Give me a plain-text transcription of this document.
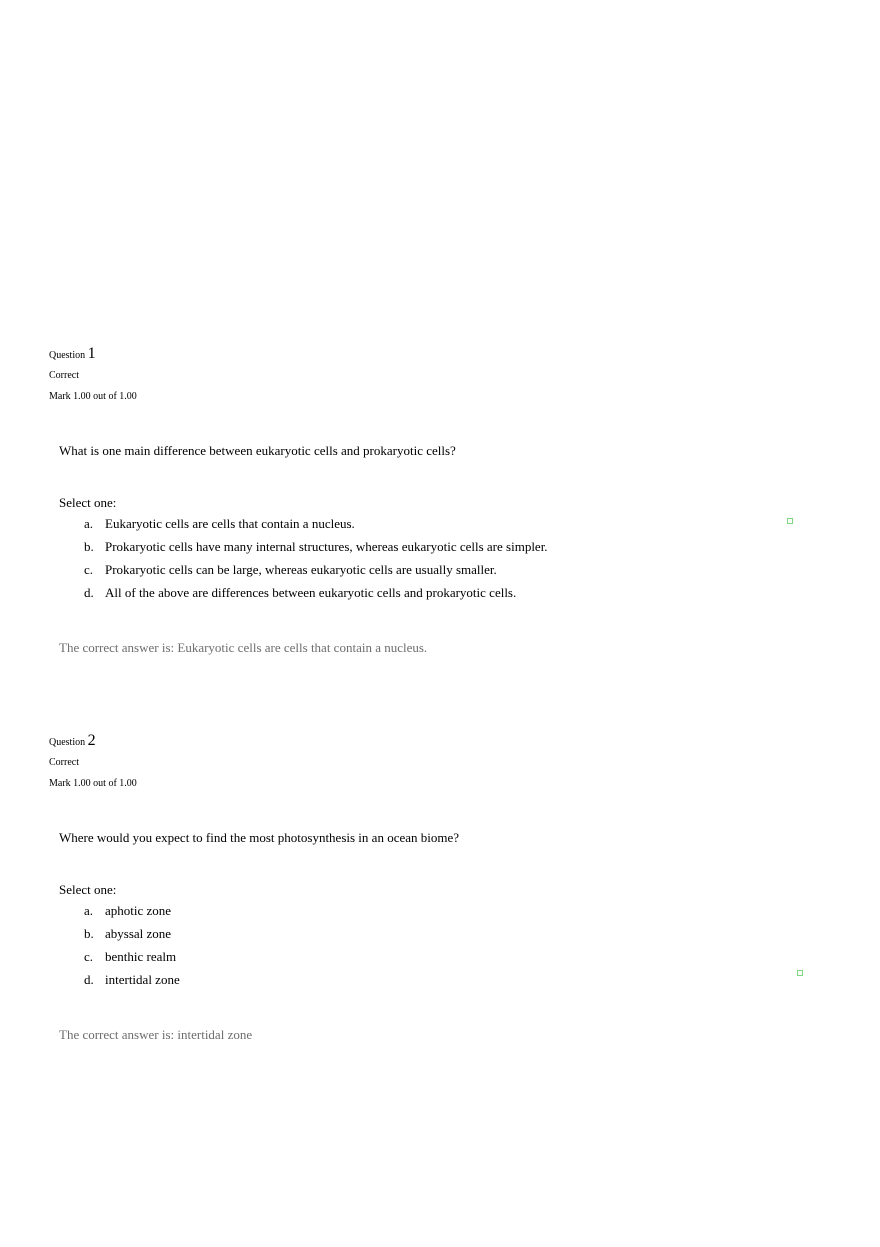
Question 1
Correct
Mark 1.00 out of 1.00
What is one main difference between eukaryotic cells and prokaryotic cells?
Select one:
a. Eukaryotic cells are cells that contain a nucleus.
b. Prokaryotic cells have many internal structures, whereas eukaryotic cells are simpler.
c. Prokaryotic cells can be large, whereas eukaryotic cells are usually smaller.
d. All of the above are differences between eukaryotic cells and prokaryotic cells.
The correct answer is: Eukaryotic cells are cells that contain a nucleus.
Question 2
Correct
Mark 1.00 out of 1.00
Where would you expect to find the most photosynthesis in an ocean biome?
Select one:
a. aphotic zone
b. abyssal zone
c. benthic realm
d. intertidal zone
The correct answer is: intertidal zone
